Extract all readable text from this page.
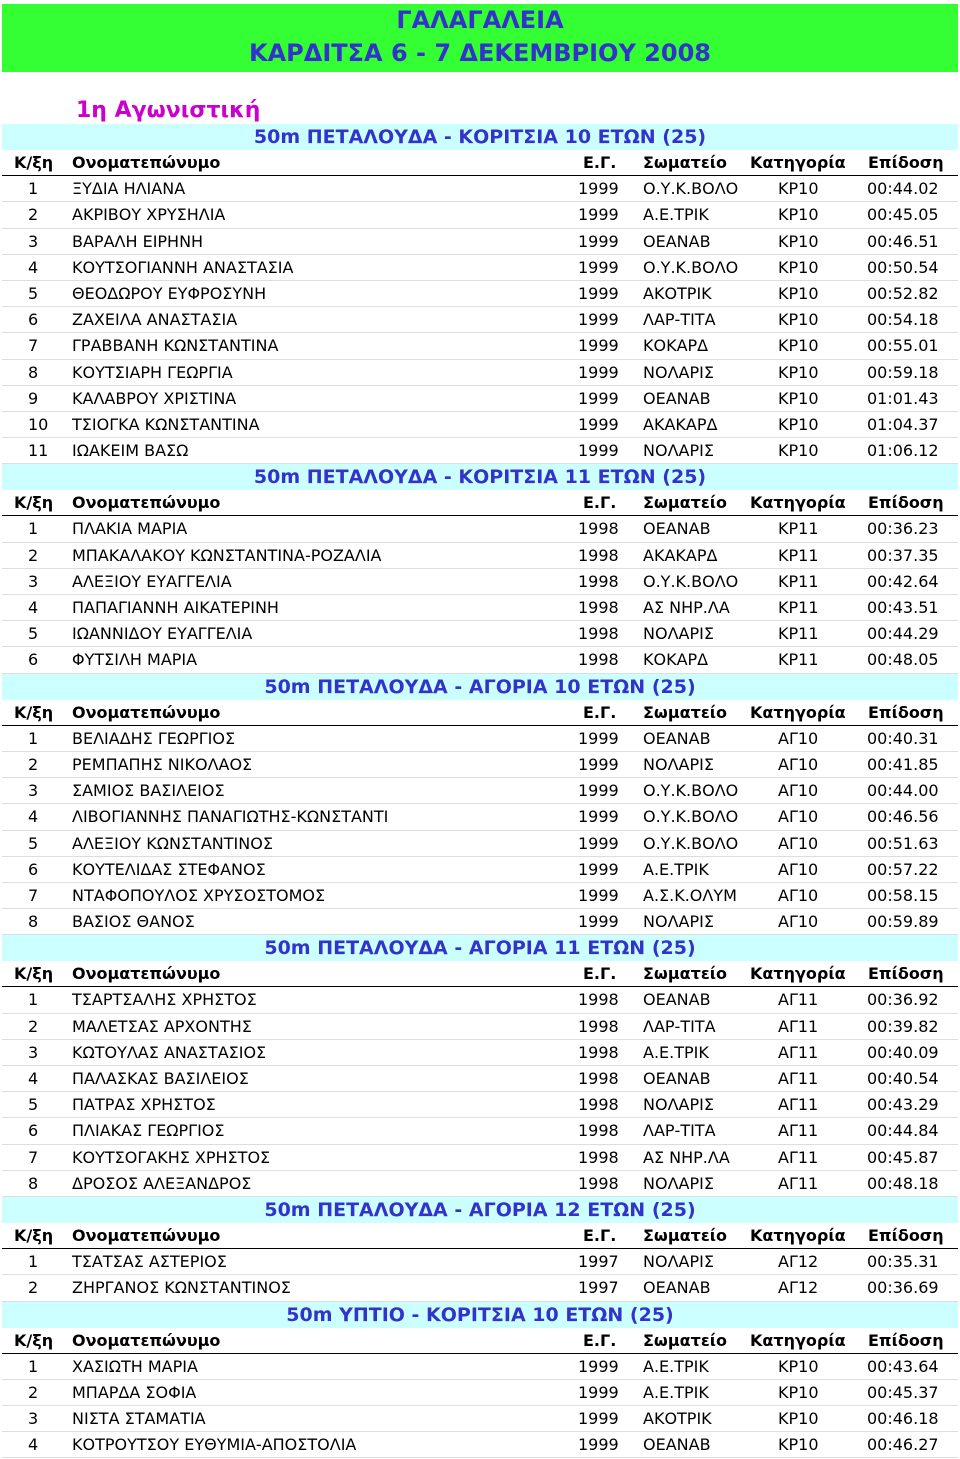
ΓΑΛΑΓΑΛΕΙΑ
ΚΑΡΔΙΤΣΑ 6 - 7 ΔΕΚΕΜΒΡΙΟΥ 2008
1η Αγωνιστική
50m ΠΕΤΑΛΟΥΔΑ - ΚΟΡΙΤΣΙΑ 10 ΕΤΩΝ (25)
Κ/ξη	Ονοματεπώνυμο	Ε.Γ.	Σωματείο	Κατηγορία	Επίδοση
1	ΞΥΔΙΑ ΗΛΙΑΝΑ	1999	Ο.Υ.Κ.ΒΟΛΟ	ΚΡ10	00:44.02
2	ΑΚΡΙΒΟΥ ΧΡΥΣΗΛΙΑ	1999	Α.Ε.ΤΡΙΚ	ΚΡ10	00:45.05
3	ΒΑΡΑΛΗ ΕΙΡΗΝΗ	1999	ΟΕΑΝΑΒ	ΚΡ10	00:46.51
4	ΚΟΥΤΣΟΓΙΑΝΝΗ ΑΝΑΣΤΑΣΙΑ	1999	Ο.Υ.Κ.ΒΟΛΟ	ΚΡ10	00:50.54
5	ΘΕΟΔΩΡΟΥ ΕΥΦΡΟΣΥΝΗ	1999	ΑΚΟΤΡΙΚ	ΚΡ10	00:52.82
6	ΖΑΧΕΙΛΑ ΑΝΑΣΤΑΣΙΑ	1999	ΛΑΡ-ΤΙΤΑ	ΚΡ10	00:54.18
7	ΓΡΑΒΒΑΝΗ ΚΩΝΣΤΑΝΤΙΝΑ	1999	ΚΟΚΑΡΔ	ΚΡ10	00:55.01
8	ΚΟΥΤΣΙΑΡΗ ΓΕΩΡΓΙΑ	1999	ΝΟΛΑΡΙΣ	ΚΡ10	00:59.18
9	ΚΑΛΑΒΡΟΥ ΧΡΙΣΤΙΝΑ	1999	ΟΕΑΝΑΒ	ΚΡ10	01:01.43
10	ΤΣΙΟΓΚΑ ΚΩΝΣΤΑΝΤΙΝΑ	1999	ΑΚΑΚΑΡΔ	ΚΡ10	01:04.37
11	ΙΩΑΚΕΙΜ ΒΑΣΩ	1999	ΝΟΛΑΡΙΣ	ΚΡ10	01:06.12
50m ΠΕΤΑΛΟΥΔΑ - ΚΟΡΙΤΣΙΑ 11 ΕΤΩΝ (25)
Κ/ξη	Ονοματεπώνυμο	Ε.Γ.	Σωματείο	Κατηγορία	Επίδοση
1	ΠΛΑΚΙΑ ΜΑΡΙΑ	1998	ΟΕΑΝΑΒ	ΚΡ11	00:36.23
2	ΜΠΑΚΑΛΑΚΟΥ ΚΩΝΣΤΑΝΤΙΝΑ-ΡΟΖΑΛΙΑ	1998	ΑΚΑΚΑΡΔ	ΚΡ11	00:37.35
3	ΑΛΕΞΙΟΥ ΕΥΑΓΓΕΛΙΑ	1998	Ο.Υ.Κ.ΒΟΛΟ	ΚΡ11	00:42.64
4	ΠΑΠΑΓΙΑΝΝΗ ΑΙΚΑΤΕΡΙΝΗ	1998	ΑΣ ΝΗΡ.ΛΑ	ΚΡ11	00:43.51
5	ΙΩΑΝΝΙΔΟΥ ΕΥΑΓΓΕΛΙΑ	1998	ΝΟΛΑΡΙΣ	ΚΡ11	00:44.29
6	ΦΥΤΣΙΛΗ ΜΑΡΙΑ	1998	ΚΟΚΑΡΔ	ΚΡ11	00:48.05
50m ΠΕΤΑΛΟΥΔΑ - ΑΓΟΡΙΑ 10 ΕΤΩΝ (25)
Κ/ξη	Ονοματεπώνυμο	Ε.Γ.	Σωματείο	Κατηγορία	Επίδοση
1	ΒΕΛΙΑΔΗΣ ΓΕΩΡΓΙΟΣ	1999	ΟΕΑΝΑΒ	ΑΓ10	00:40.31
2	ΡΕΜΠΑΠΗΣ ΝΙΚΟΛΑΟΣ	1999	ΝΟΛΑΡΙΣ	ΑΓ10	00:41.85
3	ΣΑΜΙΟΣ ΒΑΣΙΛΕΙΟΣ	1999	Ο.Υ.Κ.ΒΟΛΟ	ΑΓ10	00:44.00
4	ΛΙΒΟΓΙΑΝΝΗΣ ΠΑΝΑΓΙΩΤΗΣ-ΚΩΝΣΤΑΝΤΙ	1999	Ο.Υ.Κ.ΒΟΛΟ	ΑΓ10	00:46.56
5	ΑΛΕΞΙΟΥ ΚΩΝΣΤΑΝΤΙΝΟΣ	1999	Ο.Υ.Κ.ΒΟΛΟ	ΑΓ10	00:51.63
6	ΚΟΥΤΕΛΙΔΑΣ ΣΤΕΦΑΝΟΣ	1999	Α.Ε.ΤΡΙΚ	ΑΓ10	00:57.22
7	ΝΤΑΦΟΠΟΥΛΟΣ ΧΡΥΣΟΣΤΟΜΟΣ	1999	Α.Σ.Κ.ΟΛΥΜ	ΑΓ10	00:58.15
8	ΒΑΣΙΟΣ ΘΑΝΟΣ	1999	ΝΟΛΑΡΙΣ	ΑΓ10	00:59.89
50m ΠΕΤΑΛΟΥΔΑ - ΑΓΟΡΙΑ 11 ΕΤΩΝ (25)
Κ/ξη	Ονοματεπώνυμο	Ε.Γ.	Σωματείο	Κατηγορία	Επίδοση
1	ΤΣΑΡΤΣΑΛΗΣ ΧΡΗΣΤΟΣ	1998	ΟΕΑΝΑΒ	ΑΓ11	00:36.92
2	ΜΑΛΕΤΣΑΣ ΑΡΧΟΝΤΗΣ	1998	ΛΑΡ-ΤΙΤΑ	ΑΓ11	00:39.82
3	ΚΩΤΟΥΛΑΣ ΑΝΑΣΤΑΣΙΟΣ	1998	Α.Ε.ΤΡΙΚ	ΑΓ11	00:40.09
4	ΠΑΛΑΣΚΑΣ ΒΑΣΙΛΕΙΟΣ	1998	ΟΕΑΝΑΒ	ΑΓ11	00:40.54
5	ΠΑΤΡΑΣ ΧΡΗΣΤΟΣ	1998	ΝΟΛΑΡΙΣ	ΑΓ11	00:43.29
6	ΠΛΙΑΚΑΣ ΓΕΩΡΓΙΟΣ	1998	ΛΑΡ-ΤΙΤΑ	ΑΓ11	00:44.84
7	ΚΟΥΤΣΟΓΑΚΗΣ ΧΡΗΣΤΟΣ	1998	ΑΣ ΝΗΡ.ΛΑ	ΑΓ11	00:45.87
8	ΔΡΟΣΟΣ ΑΛΕΞΑΝΔΡΟΣ	1998	ΝΟΛΑΡΙΣ	ΑΓ11	00:48.18
50m ΠΕΤΑΛΟΥΔΑ - ΑΓΟΡΙΑ 12 ΕΤΩΝ (25)
Κ/ξη	Ονοματεπώνυμο	Ε.Γ.	Σωματείο	Κατηγορία	Επίδοση
1	ΤΣΑΤΣΑΣ ΑΣΤΕΡΙΟΣ	1997	ΝΟΛΑΡΙΣ	ΑΓ12	00:35.31
2	ΖΗΡΓΑΝΟΣ ΚΩΝΣΤΑΝΤΙΝΟΣ	1997	ΟΕΑΝΑΒ	ΑΓ12	00:36.69
50m ΥΠΤΙΟ - ΚΟΡΙΤΣΙΑ 10 ΕΤΩΝ (25)
Κ/ξη	Ονοματεπώνυμο	Ε.Γ.	Σωματείο	Κατηγορία	Επίδοση
1	ΧΑΣΙΩΤΗ ΜΑΡΙΑ	1999	Α.Ε.ΤΡΙΚ	ΚΡ10	00:43.64
2	ΜΠΑΡΔΑ ΣΟΦΙΑ	1999	Α.Ε.ΤΡΙΚ	ΚΡ10	00:45.37
3	ΝΙΣΤΑ ΣΤΑΜΑΤΙΑ	1999	ΑΚΟΤΡΙΚ	ΚΡ10	00:46.18
4	ΚΟΤΡΟΥΤΣΟΥ ΕΥΘΥΜΙΑ-ΑΠΟΣΤΟΛΙΑ	1999	ΟΕΑΝΑΒ	ΚΡ10	00:46.27
